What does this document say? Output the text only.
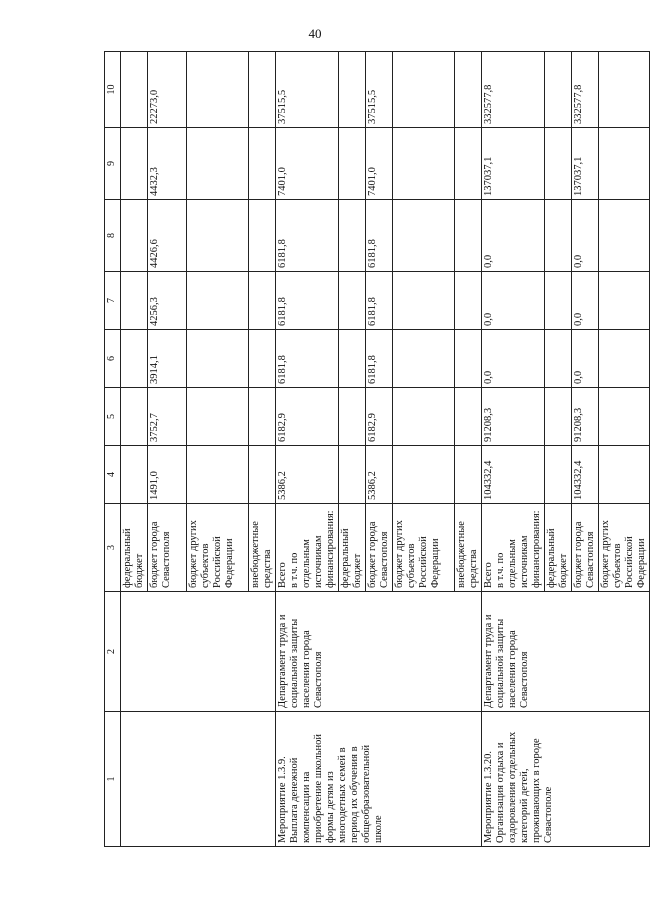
40
1	2	3	4	5	6	7	8	9	10
		федеральный бюджет							
		бюджет города Севастополя	1491,0	3752,7	3914,1	4256,3	4426,6	4432,3	22273,0
		бюджет других субъектов Российской Федерации							
		внебюджетные средства							
Мероприятие 1.3.9. Выплата денежной компенсации на приобретение школьной формы детям из многодетных семей в период их обучения в общеобразовательной школе	Департамент труда и социальной защиты населения города Севастополя	Всего
в т.ч. по отдельным источникам финансирования:	5386,2	6182,9	6181,8	6181,8	6181,8	7401,0	37515,5
		федеральный бюджет							
		бюджет города Севастополя	5386,2	6182,9	6181,8	6181,8	6181,8	7401,0	37515,5
		бюджет других субъектов Российской Федерации							
		внебюджетные средства							
Мероприятие 1.3.20. Организация отдыха и оздоровления отдельных категорий детей, проживающих в городе Севастополе	Департамент труда и социальной защиты населения города Севастополя	Всего
в т.ч. по отдельным источникам финансирования:	104332,4	91208,3	0,0	0,0	0,0	137037,1	332577,8
		федеральный бюджет							
		бюджет города Севастополя	104332,4	91208,3	0,0	0,0	0,0	137037,1	332577,8
		бюджет других субъектов Российской Федерации							
